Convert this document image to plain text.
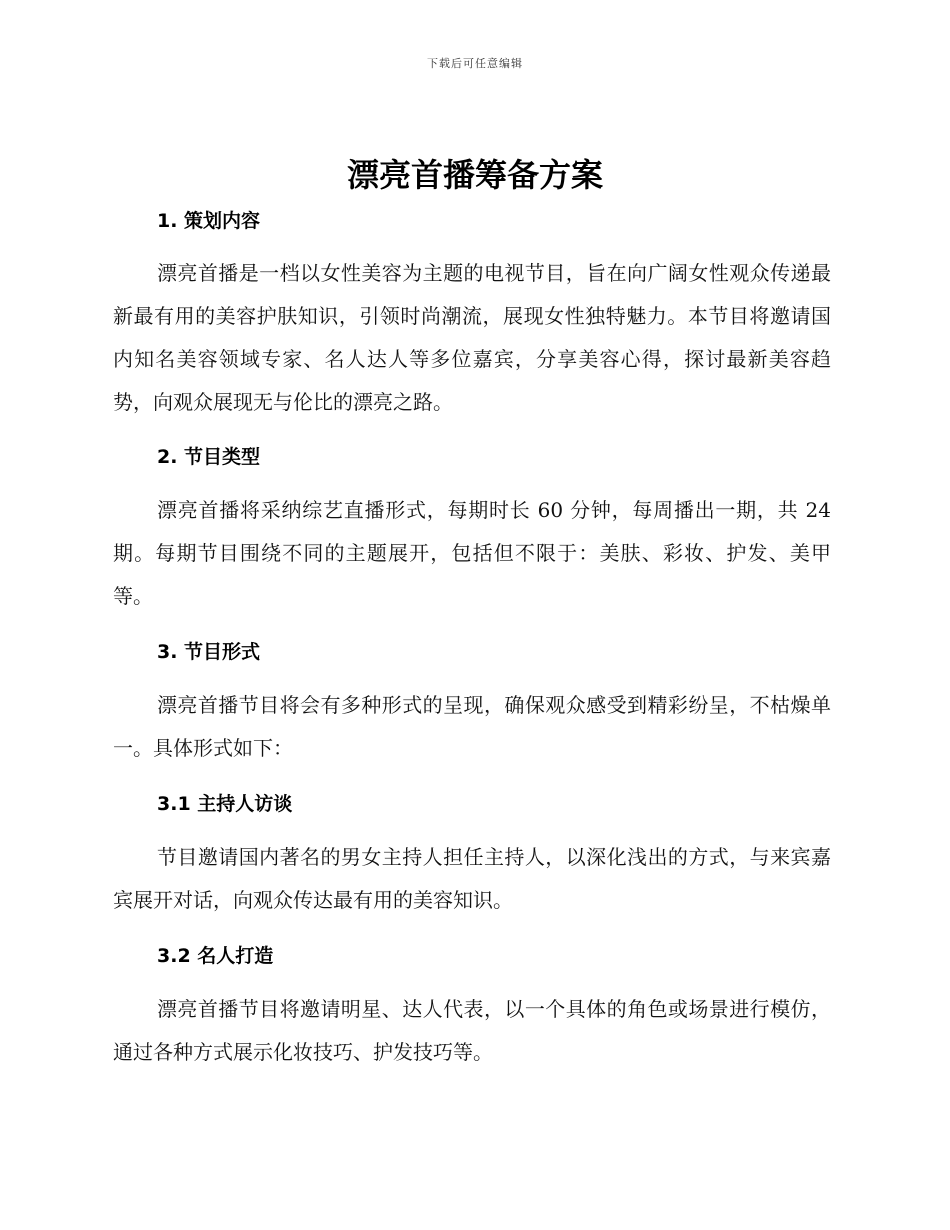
下载后可任意编辑
漂亮首播筹备方案
1. 策划内容

漂亮首播是一档以女性美容为主题的电视节目，旨在向广阔女性观众传递最新最有用的美容护肤知识，引领时尚潮流，展现女性独特魅力。本节目将邀请国内知名美容领域专家、名人达人等多位嘉宾，分享美容心得，探讨最新美容趋势，向观众展现无与伦比的漂亮之路。

2. 节目类型

漂亮首播将采纳综艺直播形式，每期时长 60 分钟，每周播出一期，共 24 期。每期节目围绕不同的主题展开，包括但不限于：美肤、彩妆、护发、美甲等。

3. 节目形式

漂亮首播节目将会有多种形式的呈现，确保观众感受到精彩纷呈，不枯燥单一。具体形式如下：

3.1 主持人访谈

节目邀请国内著名的男女主持人担任主持人，以深化浅出的方式，与来宾嘉宾展开对话，向观众传达最有用的美容知识。

3.2 名人打造

漂亮首播节目将邀请明星、达人代表，以一个具体的角色或场景进行模仿，通过各种方式展示化妆技巧、护发技巧等。
